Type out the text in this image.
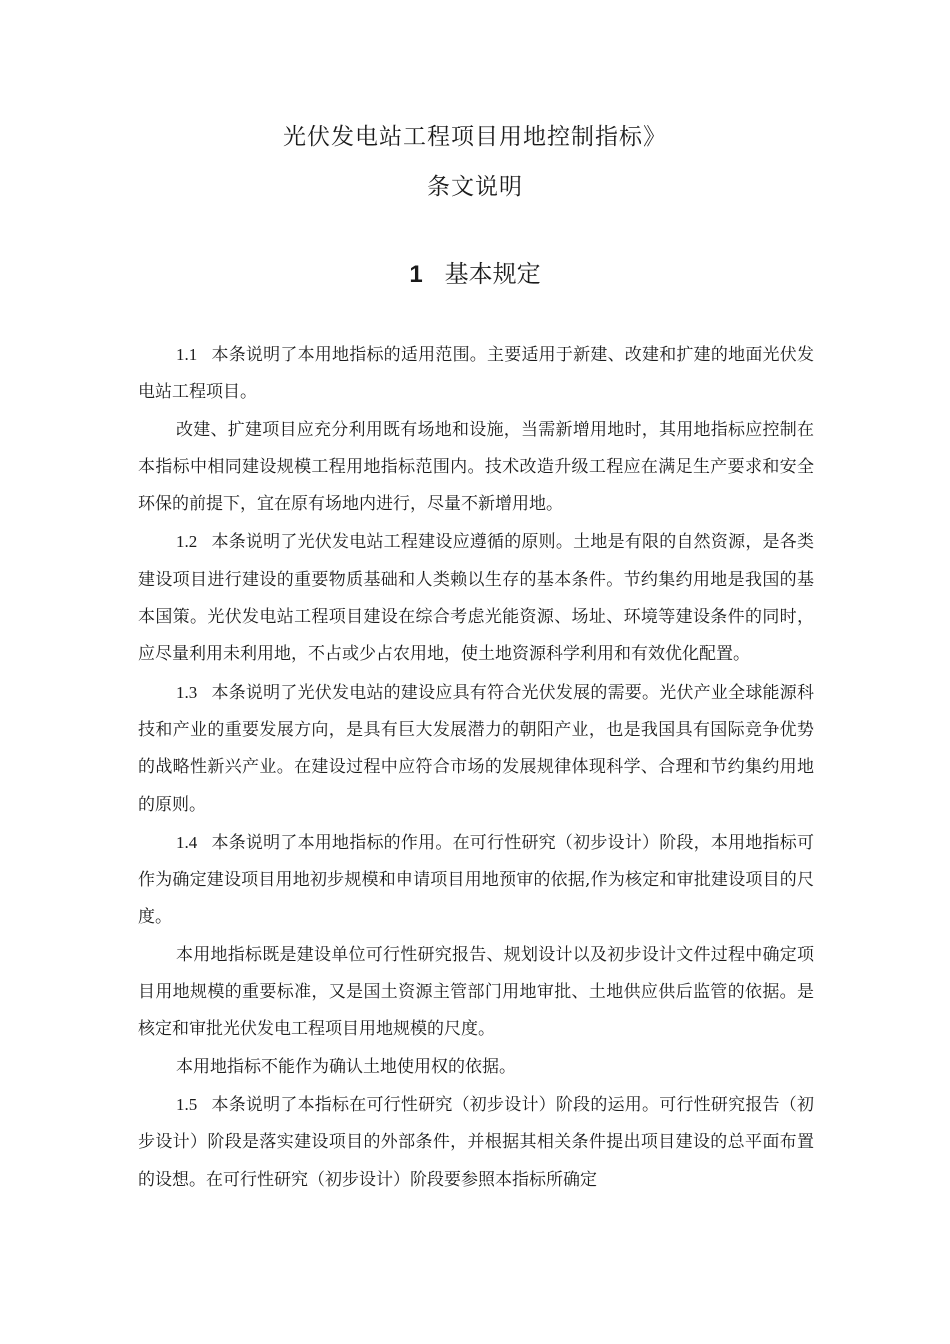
光伏发电站工程项目用地控制指标》
条文说明
1 基本规定

1.1 本条说明了本用地指标的适用范围。主要适用于新建、改建和扩建的地面光伏发电站工程项目。

改建、扩建项目应充分利用既有场地和设施，当需新增用地时，其用地指标应控制在本指标中相同建设规模工程用地指标范围内。技术改造升级工程应在满足生产要求和安全环保的前提下，宜在原有场地内进行，尽量不新增用地。

1.2 本条说明了光伏发电站工程建设应遵循的原则。土地是有限的自然资源，是各类建设项目进行建设的重要物质基础和人类赖以生存的基本条件。节约集约用地是我国的基本国策。光伏发电站工程项目建设在综合考虑光能资源、场址、环境等建设条件的同时，应尽量利用未利用地，不占或少占农用地，使土地资源科学利用和有效优化配置。

1.3 本条说明了光伏发电站的建设应具有符合光伏发展的需要。光伏产业全球能源科技和产业的重要发展方向，是具有巨大发展潜力的朝阳产业，也是我国具有国际竞争优势的战略性新兴产业。在建设过程中应符合市场的发展规律体现科学、合理和节约集约用地的原则。

1.4 本条说明了本用地指标的作用。在可行性研究（初步设计）阶段，本用地指标可作为确定建设项目用地初步规模和申请项目用地预审的依据,作为核定和审批建设项目的尺度。

本用地指标既是建设单位可行性研究报告、规划设计以及初步设计文件过程中确定项目用地规模的重要标准，又是国土资源主管部门用地审批、土地供应供后监管的依据。是核定和审批光伏发电工程项目用地规模的尺度。

本用地指标不能作为确认土地使用权的依据。

1.5 本条说明了本指标在可行性研究（初步设计）阶段的运用。可行性研究报告（初步设计）阶段是落实建设项目的外部条件，并根据其相关条件提出项目建设的总平面布置的设想。在可行性研究（初步设计）阶段要参照本指标所确定
